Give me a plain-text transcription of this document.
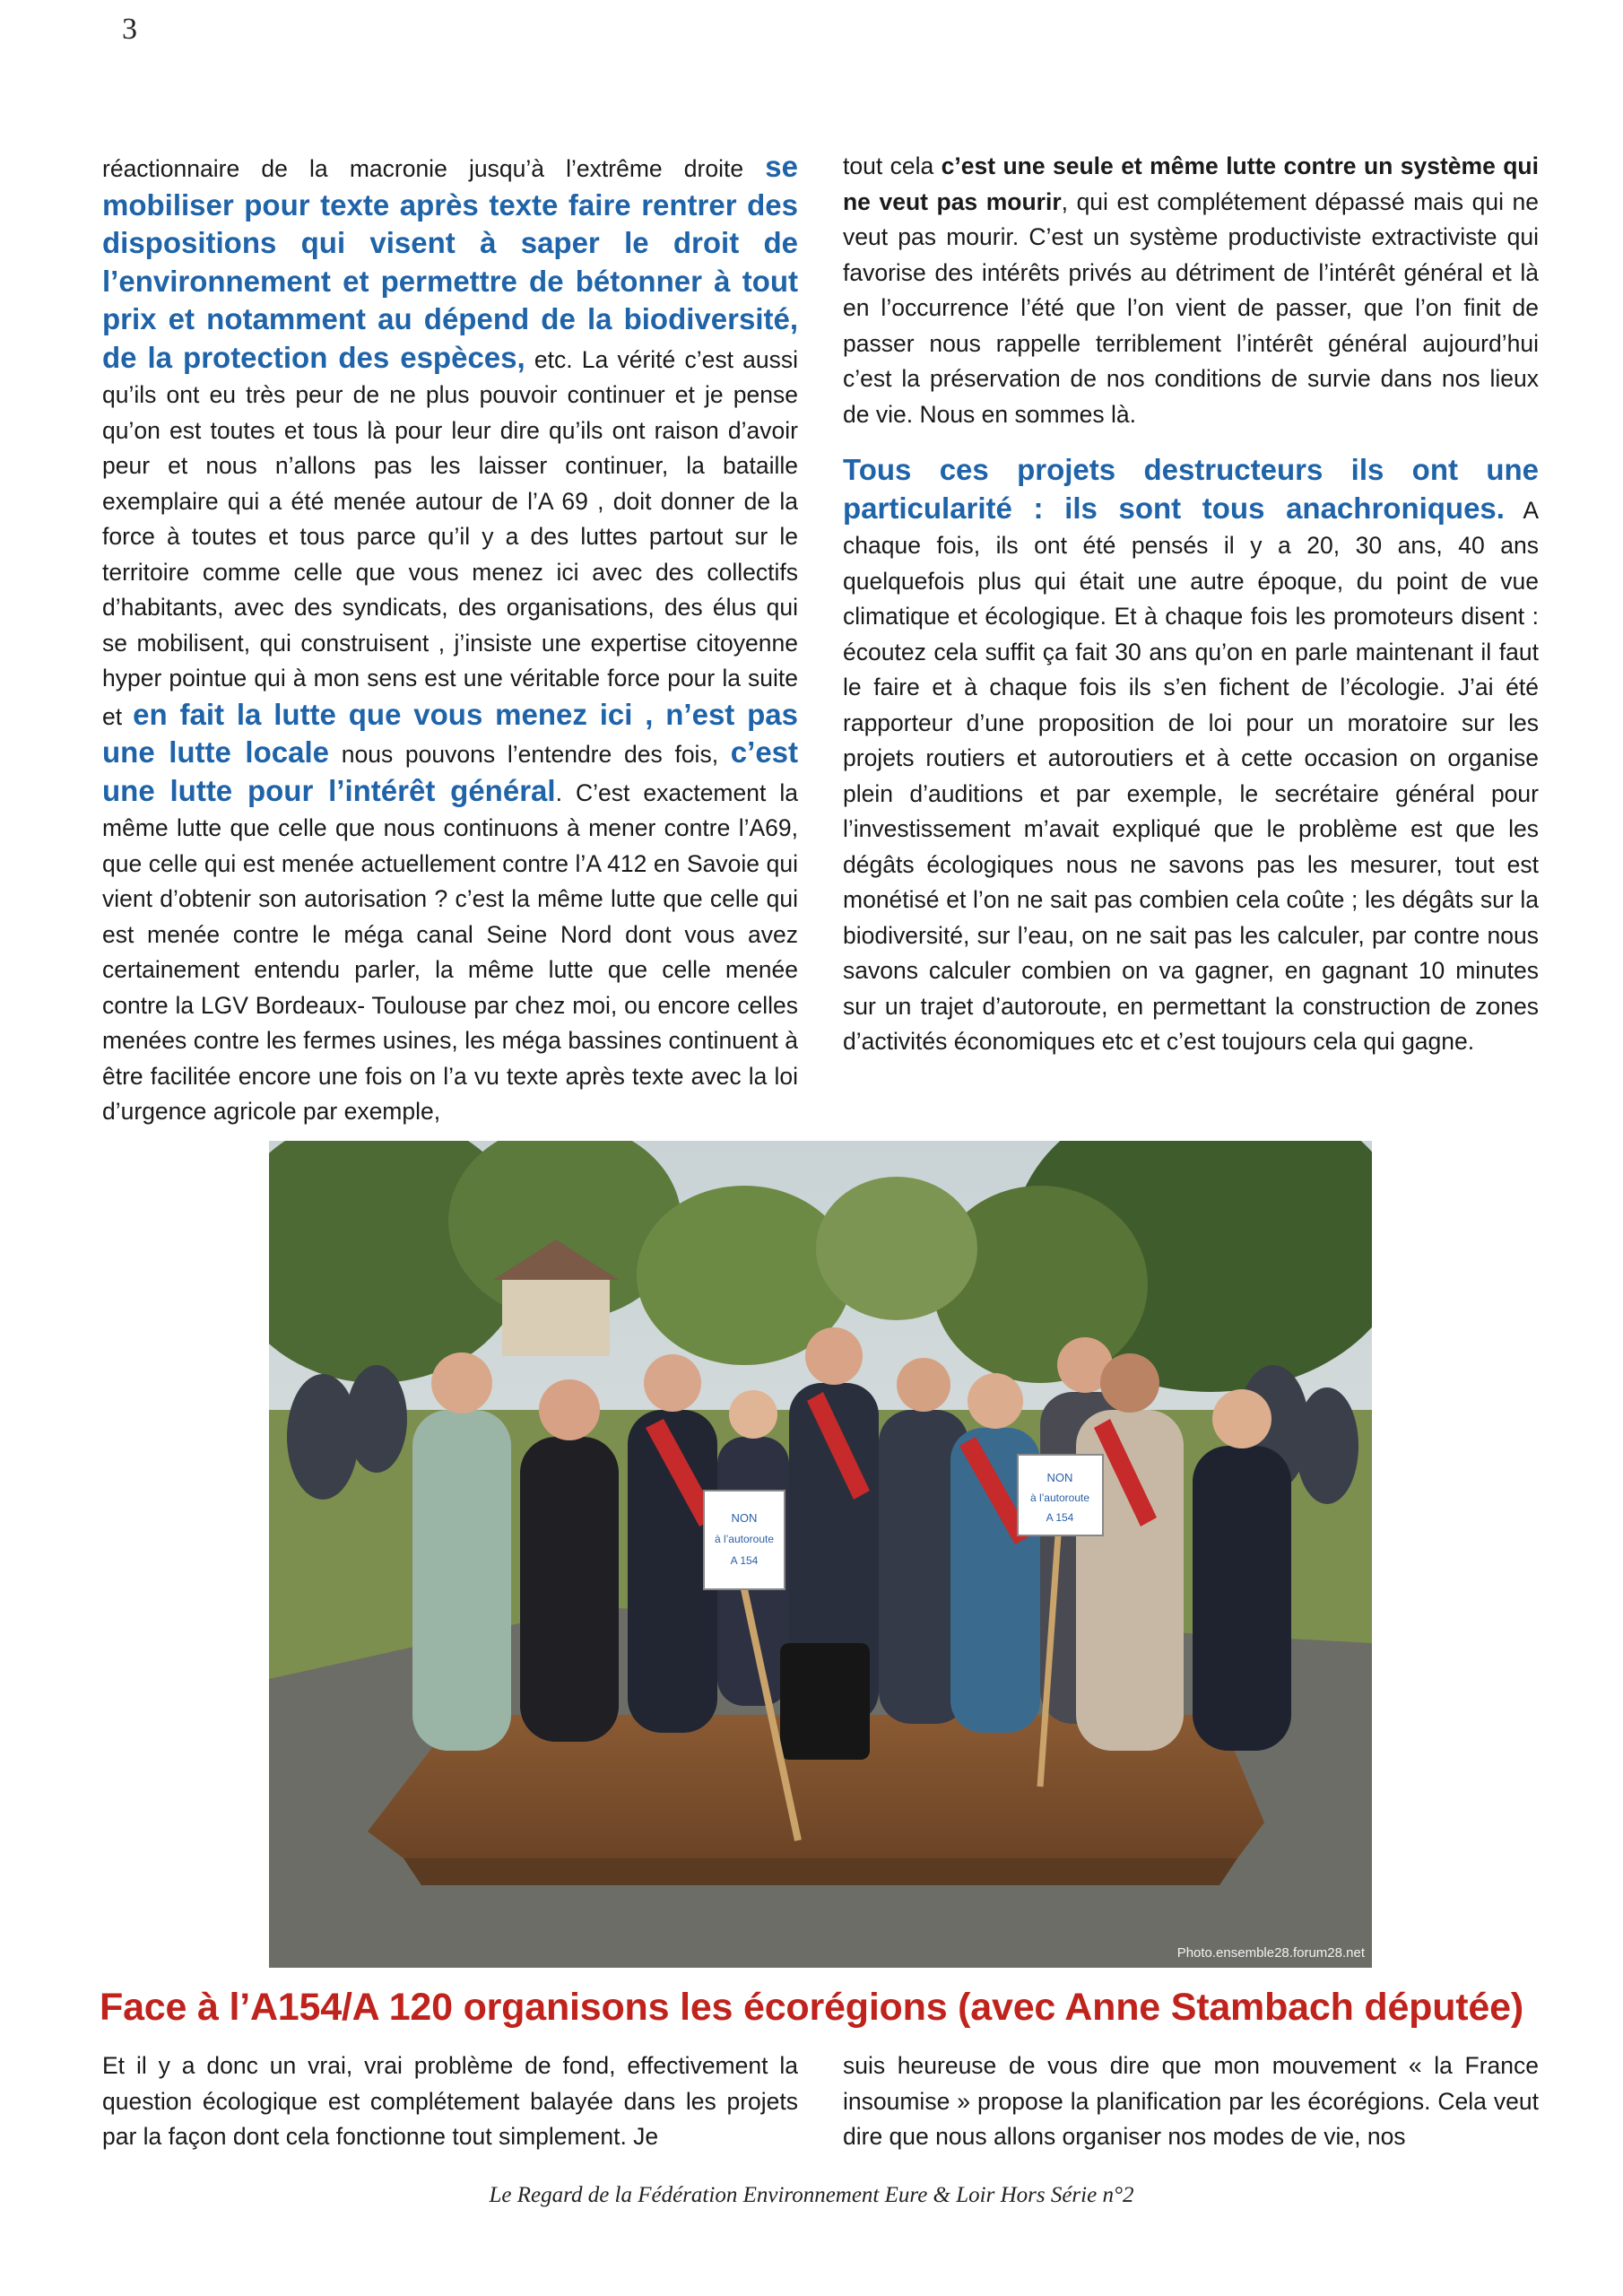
3

réactionnaire de la macronie jusqu’à l’extrême droite se mobiliser pour texte après texte faire rentrer des dispositions qui visent à saper le droit de l’environnement et permettre de bétonner à tout prix et notamment au dépend de la biodiversité, de la protection des espèces, etc. La vérité c’est aussi qu’ils ont eu très peur de ne plus pouvoir continuer et je pense qu’on est toutes et tous là pour leur dire qu’ils ont raison d’avoir peur et nous n’allons pas les laisser continuer, la bataille exemplaire qui a été menée autour de l’A 69 , doit donner de la force à toutes et tous parce qu’il y a des luttes partout sur le territoire comme celle que vous menez ici avec des collectifs d’habitants, avec des syndicats, des organisations, des élus qui se mobilisent, qui construisent , j’insiste une expertise citoyenne hyper pointue qui à mon sens est une véritable force pour la suite et en fait la lutte que vous menez ici , n’est pas une lutte locale nous pouvons l’entendre des fois, c’est une lutte pour l’intérêt général. C’est exactement la même lutte que celle que nous continuons à mener contre l’A69, que celle qui est menée actuellement contre l’A 412 en Savoie qui vient d’obtenir son autorisation ? c’est la même lutte que celle qui est menée contre le méga canal Seine Nord dont vous avez certainement entendu parler, la même lutte que celle menée contre la LGV Bordeaux- Toulouse par chez moi, ou encore celles menées contre les fermes usines, les méga bassines continuent à être facilitée encore une fois on l’a vu texte après texte avec la loi d’urgence agricole par exemple,

tout cela c’est une seule et même lutte contre un système qui ne veut pas mourir, qui est complétement dépassé mais qui ne veut pas mourir. C’est un système productiviste extractiviste qui favorise des intérêts privés au détriment de l’intérêt général et là en l’occurrence l’été que l’on vient de passer, que l’on finit de passer nous rappelle terriblement l’intérêt général aujourd’hui c’est la préservation de nos conditions de survie dans nos lieux de vie. Nous en sommes là.

Tous ces projets destructeurs ils ont une particularité : ils sont tous anachroniques. A chaque fois, ils ont été pensés il y a 20, 30 ans, 40 ans quelquefois plus qui était une autre époque, du point de vue climatique et écologique. Et à chaque fois les promoteurs disent : écoutez cela suffit ça fait 30 ans qu’on en parle maintenant il faut le faire et à chaque fois ils s’en fichent de l’écologie. J’ai été rapporteur d’une proposition de loi pour un moratoire sur les projets routiers et autoroutiers et à cette occasion on organise plein d’auditions et par exemple, le secrétaire général pour l’investissement m’avait expliqué que le problème est que les dégâts écologiques nous ne savons pas les mesurer, tout est monétisé et l’on ne sait pas combien cela coûte ; les dégâts sur la biodiversité, sur l’eau, on ne sait pas les calculer, par contre nous savons calculer combien on va gagner, en gagnant 10 minutes sur un trajet d’autoroute, en permettant la construction de zones d’activités économiques etc et c’est toujours cela qui gagne.

NON
à l’autoroute
A 154
NON
à l’autoroute
A 154
Photo.ensemble28.forum28.net
Face à l’A154/A 120 organisons les écorégions (avec Anne Stambach députée)

Et il y a donc un vrai, vrai problème de fond, effectivement la question écologique est complétement balayée dans les projets par la façon dont cela fonctionne tout simplement. Je

suis heureuse de vous dire que mon mouvement « la France insoumise » propose la planification par les écorégions. Cela veut dire que nous allons organiser nos modes de vie, nos

Le Regard de la Fédération Environnement Eure & Loir Hors Série n°2
